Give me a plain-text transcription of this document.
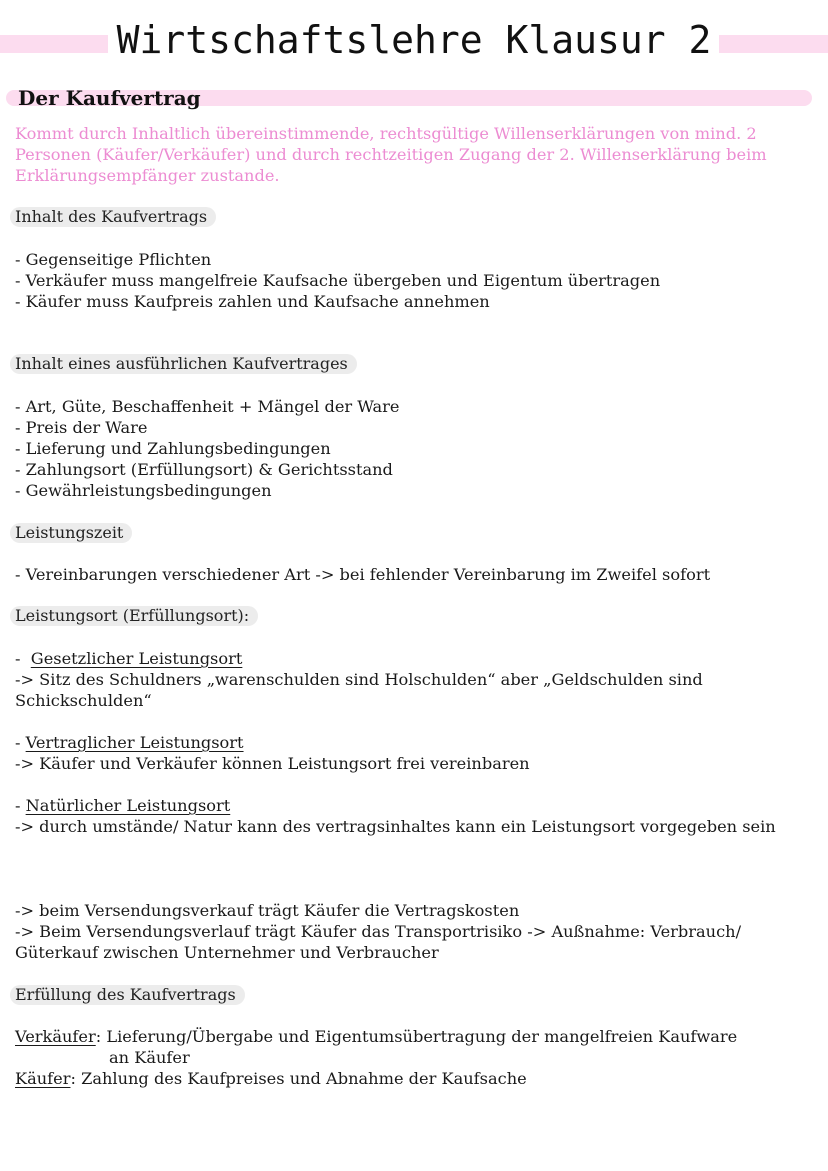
Wirtschaftslehre Klausur 2
Der Kaufvertrag
Kommt durch Inhaltlich übereinstimmende, rechtsgültige Willenserklärungen von mind. 2 Personen (Käufer/Verkäufer) und durch rechtzeitigen Zugang der 2. Willenserklärung beim Erklärungsempfänger zustande.
Inhalt des Kaufvertrags
- Gegenseitige Pflichten
- Verkäufer muss mangelfreie Kaufsache übergeben und Eigentum übertragen
- Käufer muss Kaufpreis zahlen und Kaufsache annehmen
Inhalt eines ausführlichen Kaufvertrages
- Art, Güte, Beschaffenheit + Mängel der Ware
- Preis der Ware
- Lieferung und Zahlungsbedingungen
- Zahlungsort (Erfüllungsort) & Gerichtsstand
- Gewährleistungsbedingungen
Leistungszeit
- Vereinbarungen verschiedener Art -> bei fehlender Vereinbarung im Zweifel sofort
Leistungsort (Erfüllungsort):
-  Gesetzlicher Leistungsort
-> Sitz des Schuldners „warenschulden sind Holschulden“ aber „Geldschulden sind Schickschulden“
- Vertraglicher Leistungsort
-> Käufer und Verkäufer können Leistungsort frei vereinbaren
- Natürlicher Leistungsort
-> durch umstände/ Natur kann des vertragsinhaltes kann ein Leistungsort vorgegeben sein
-> beim Versendungsverkauf trägt Käufer die Vertragskosten
-> Beim Versendungsverlauf trägt Käufer das Transportrisiko -> Außnahme: Verbrauch/ Güterkauf zwischen Unternehmer und Verbraucher
Erfüllung des Kaufvertrags
Verkäufer: Lieferung/Übergabe und Eigentumsübertragung der mangelfreien Kaufware
an Käufer
Käufer: Zahlung des Kaufpreises und Abnahme der Kaufsache
